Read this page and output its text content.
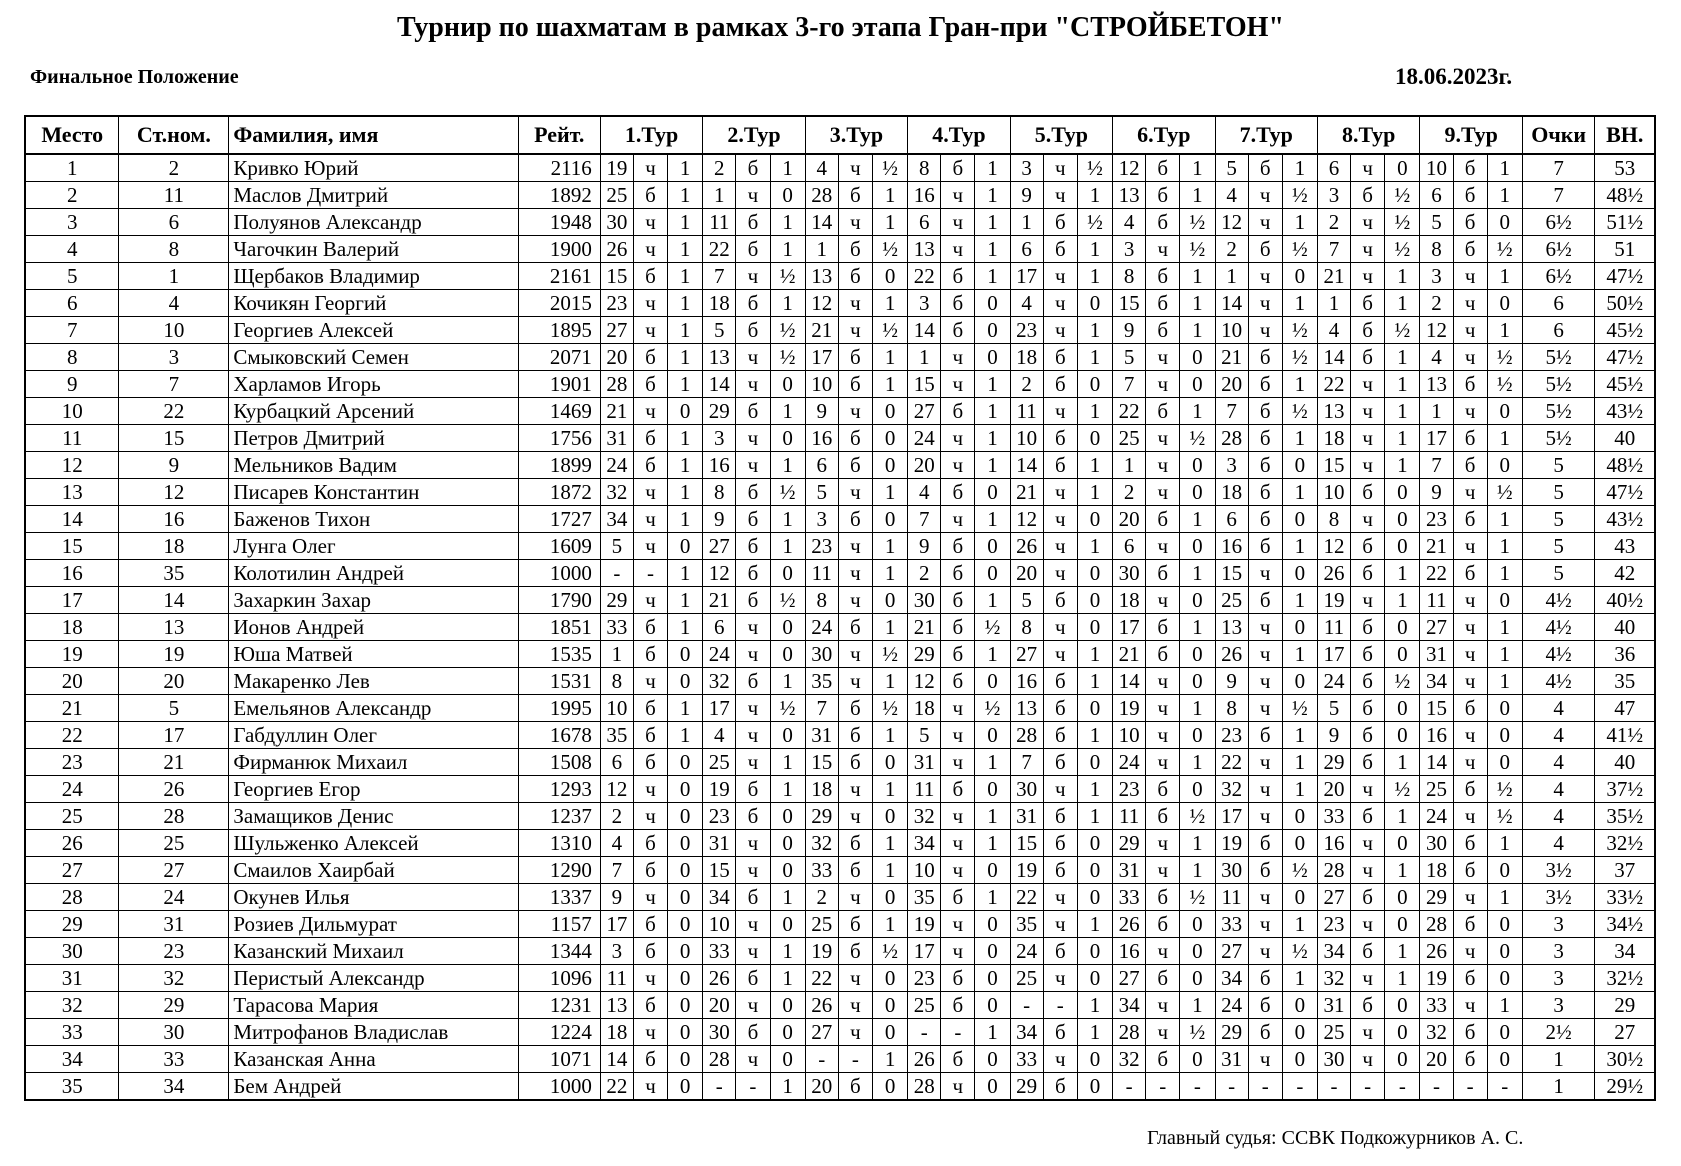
Турнир по шахматам в рамках 3-го этапа Гран-при "СТРОЙБЕТОН"
Финальное Положение	18.06.2023г.
Место	Ст.ном.	Фамилия, имя	Рейт.	1.Тур			2.Тур			3.Тур			4.Тур			5.Тур			6.Тур			7.Тур			8.Тур			9.Тур			Очки	ВН.
1	2	Кривко Юрий	2116	19	ч	1	2	б	1	4	ч	½	8	б	1	3	ч	½	12	б	1	5	б	1	6	ч	0	10	б	1	7	53
2	11	Маслов Дмитрий	1892	25	б	1	1	ч	0	28	б	1	16	ч	1	9	ч	1	13	б	1	4	ч	½	3	б	½	6	б	1	7	48½
3	6	Полуянов Александр	1948	30	ч	1	11	б	1	14	ч	1	6	ч	1	1	б	½	4	б	½	12	ч	1	2	ч	½	5	б	0	6½	51½
4	8	Чагочкин Валерий	1900	26	ч	1	22	б	1	1	б	½	13	ч	1	6	б	1	3	ч	½	2	б	½	7	ч	½	8	б	½	6½	51
5	1	Щербаков Владимир	2161	15	б	1	7	ч	½	13	б	0	22	б	1	17	ч	1	8	б	1	1	ч	0	21	ч	1	3	ч	1	6½	47½
6	4	Кочикян Георгий	2015	23	ч	1	18	б	1	12	ч	1	3	б	0	4	ч	0	15	б	1	14	ч	1	1	б	1	2	ч	0	6	50½
7	10	Георгиев Алексей	1895	27	ч	1	5	б	½	21	ч	½	14	б	0	23	ч	1	9	б	1	10	ч	½	4	б	½	12	ч	1	6	45½
8	3	Смыковский Семен	2071	20	б	1	13	ч	½	17	б	1	1	ч	0	18	б	1	5	ч	0	21	б	½	14	б	1	4	ч	½	5½	47½
9	7	Харламов Игорь	1901	28	б	1	14	ч	0	10	б	1	15	ч	1	2	б	0	7	ч	0	20	б	1	22	ч	1	13	б	½	5½	45½
10	22	Курбацкий Арсений	1469	21	ч	0	29	б	1	9	ч	0	27	б	1	11	ч	1	22	б	1	7	б	½	13	ч	1	1	ч	0	5½	43½
11	15	Петров Дмитрий	1756	31	б	1	3	ч	0	16	б	0	24	ч	1	10	б	0	25	ч	½	28	б	1	18	ч	1	17	б	1	5½	40
12	9	Мельников Вадим	1899	24	б	1	16	ч	1	6	б	0	20	ч	1	14	б	1	1	ч	0	3	б	0	15	ч	1	7	б	0	5	48½
13	12	Писарев Константин	1872	32	ч	1	8	б	½	5	ч	1	4	б	0	21	ч	1	2	ч	0	18	б	1	10	б	0	9	ч	½	5	47½
14	16	Баженов Тихон	1727	34	ч	1	9	б	1	3	б	0	7	ч	1	12	ч	0	20	б	1	6	б	0	8	ч	0	23	б	1	5	43½
15	18	Лунга Олег	1609	5	ч	0	27	б	1	23	ч	1	9	б	0	26	ч	1	6	ч	0	16	б	1	12	б	0	21	ч	1	5	43
16	35	Колотилин Андрей	1000	-	-	1	12	б	0	11	ч	1	2	б	0	20	ч	0	30	б	1	15	ч	0	26	б	1	22	б	1	5	42
17	14	Захаркин Захар	1790	29	ч	1	21	б	½	8	ч	0	30	б	1	5	б	0	18	ч	0	25	б	1	19	ч	1	11	ч	0	4½	40½
18	13	Ионов Андрей	1851	33	б	1	6	ч	0	24	б	1	21	б	½	8	ч	0	17	б	1	13	ч	0	11	б	0	27	ч	1	4½	40
19	19	Юша Матвей	1535	1	б	0	24	ч	0	30	ч	½	29	б	1	27	ч	1	21	б	0	26	ч	1	17	б	0	31	ч	1	4½	36
20	20	Макаренко Лев	1531	8	ч	0	32	б	1	35	ч	1	12	б	0	16	б	1	14	ч	0	9	ч	0	24	б	½	34	ч	1	4½	35
21	5	Емельянов Александр	1995	10	б	1	17	ч	½	7	б	½	18	ч	½	13	б	0	19	ч	1	8	ч	½	5	б	0	15	б	0	4	47
22	17	Габдуллин Олег	1678	35	б	1	4	ч	0	31	б	1	5	ч	0	28	б	1	10	ч	0	23	б	1	9	б	0	16	ч	0	4	41½
23	21	Фирманюк Михаил	1508	6	б	0	25	ч	1	15	б	0	31	ч	1	7	б	0	24	ч	1	22	ч	1	29	б	1	14	ч	0	4	40
24	26	Георгиев Егор	1293	12	ч	0	19	б	1	18	ч	1	11	б	0	30	ч	1	23	б	0	32	ч	1	20	ч	½	25	б	½	4	37½
25	28	Замащиков Денис	1237	2	ч	0	23	б	0	29	ч	0	32	ч	1	31	б	1	11	б	½	17	ч	0	33	б	1	24	ч	½	4	35½
26	25	Шульженко Алексей	1310	4	б	0	31	ч	0	32	б	1	34	ч	1	15	б	0	29	ч	1	19	б	0	16	ч	0	30	б	1	4	32½
27	27	Смаилов Хаирбай	1290	7	б	0	15	ч	0	33	б	1	10	ч	0	19	б	0	31	ч	1	30	б	½	28	ч	1	18	б	0	3½	37
28	24	Окунев Илья	1337	9	ч	0	34	б	1	2	ч	0	35	б	1	22	ч	0	33	б	½	11	ч	0	27	б	0	29	ч	1	3½	33½
29	31	Розиев Дильмурат	1157	17	б	0	10	ч	0	25	б	1	19	ч	0	35	ч	1	26	б	0	33	ч	1	23	ч	0	28	б	0	3	34½
30	23	Казанский Михаил	1344	3	б	0	33	ч	1	19	б	½	17	ч	0	24	б	0	16	ч	0	27	ч	½	34	б	1	26	ч	0	3	34
31	32	Перистый Александр	1096	11	ч	0	26	б	1	22	ч	0	23	б	0	25	ч	0	27	б	0	34	б	1	32	ч	1	19	б	0	3	32½
32	29	Тарасова Мария	1231	13	б	0	20	ч	0	26	ч	0	25	б	0	-	-	1	34	ч	1	24	б	0	31	б	0	33	ч	1	3	29
33	30	Митрофанов Владислав	1224	18	ч	0	30	б	0	27	ч	0	-	-	1	34	б	1	28	ч	½	29	б	0	25	ч	0	32	б	0	2½	27
34	33	Казанская Анна	1071	14	б	0	28	ч	0	-	-	1	26	б	0	33	ч	0	32	б	0	31	ч	0	30	ч	0	20	б	0	1	30½
35	34	Бем Андрей	1000	22	ч	0	-	-	1	20	б	0	28	ч	0	29	б	0	-	-	-	-	-	-	-	-	-	-	-	-	1	29½
Главный судья: ССВК Подкожурников А. С.
